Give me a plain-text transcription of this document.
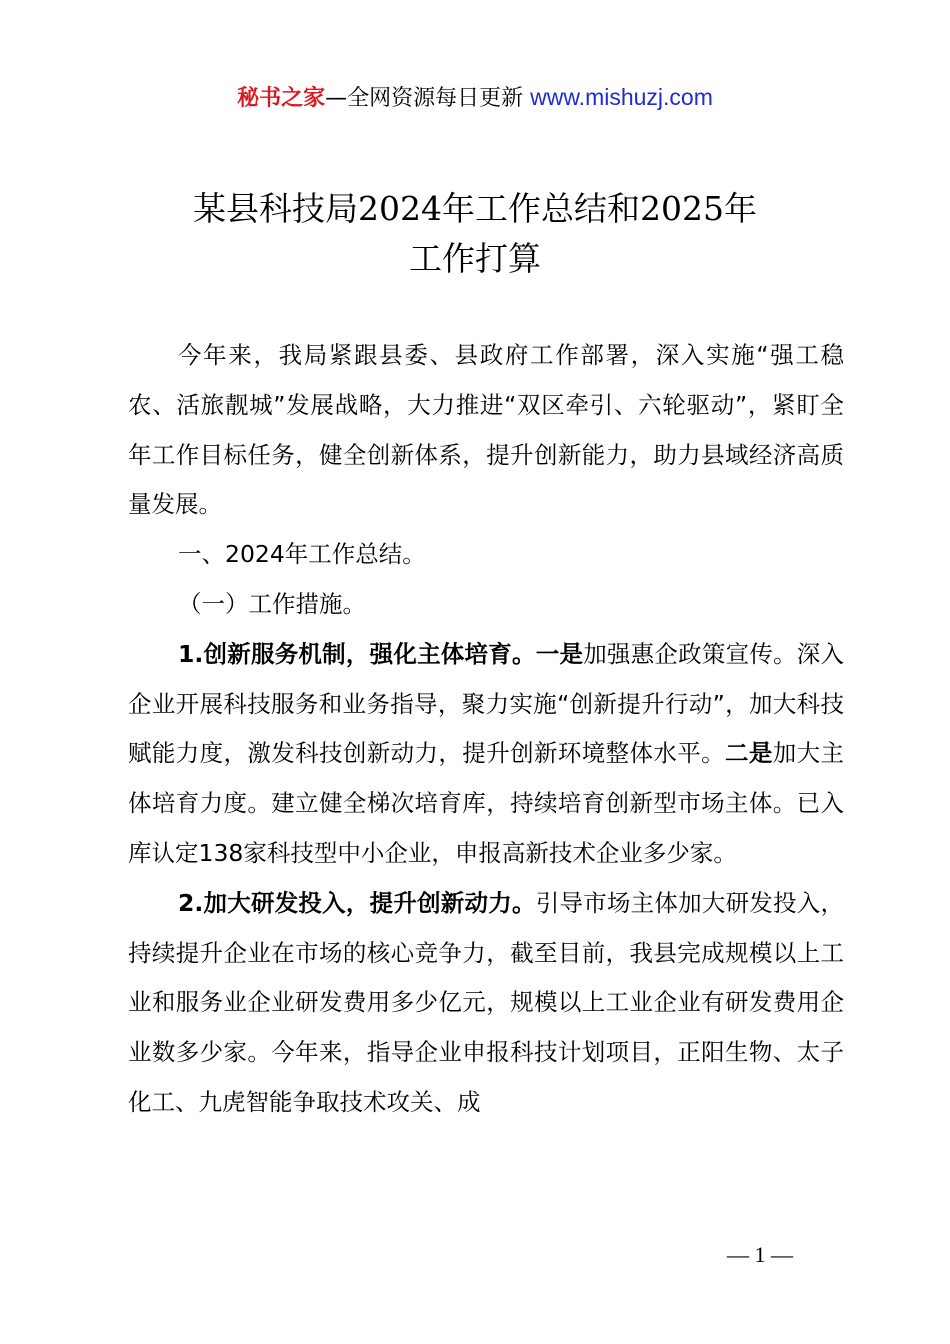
秘书之家—全网资源每日更新 www.mishuzj.com
某县科技局2024年工作总结和2025年
工作打算

今年来，我局紧跟县委、县政府工作部署，深入实施“强工稳农、活旅靓城”发展战略，大力推进“双区牵引、六轮驱动”，紧盯全年工作目标任务，健全创新体系，提升创新能力，助力县域经济高质量发展。

一、2024年工作总结。

（一）工作措施。

1.创新服务机制，强化主体培育。一是加强惠企政策宣传。深入企业开展科技服务和业务指导，聚力实施“创新提升行动”，加大科技赋能力度，激发科技创新动力，提升创新环境整体水平。二是加大主体培育力度。建立健全梯次培育库，持续培育创新型市场主体。已入库认定138家科技型中小企业，申报高新技术企业多少家。

2.加大研发投入，提升创新动力。引导市场主体加大研发投入，持续提升企业在市场的核心竞争力，截至目前，我县完成规模以上工业和服务业企业研发费用多少亿元，规模以上工业企业有研发费用企业数多少家。今年来，指导企业申报科技计划项目，正阳生物、太子化工、九虎智能争取技术攻关、成

— 1 —
